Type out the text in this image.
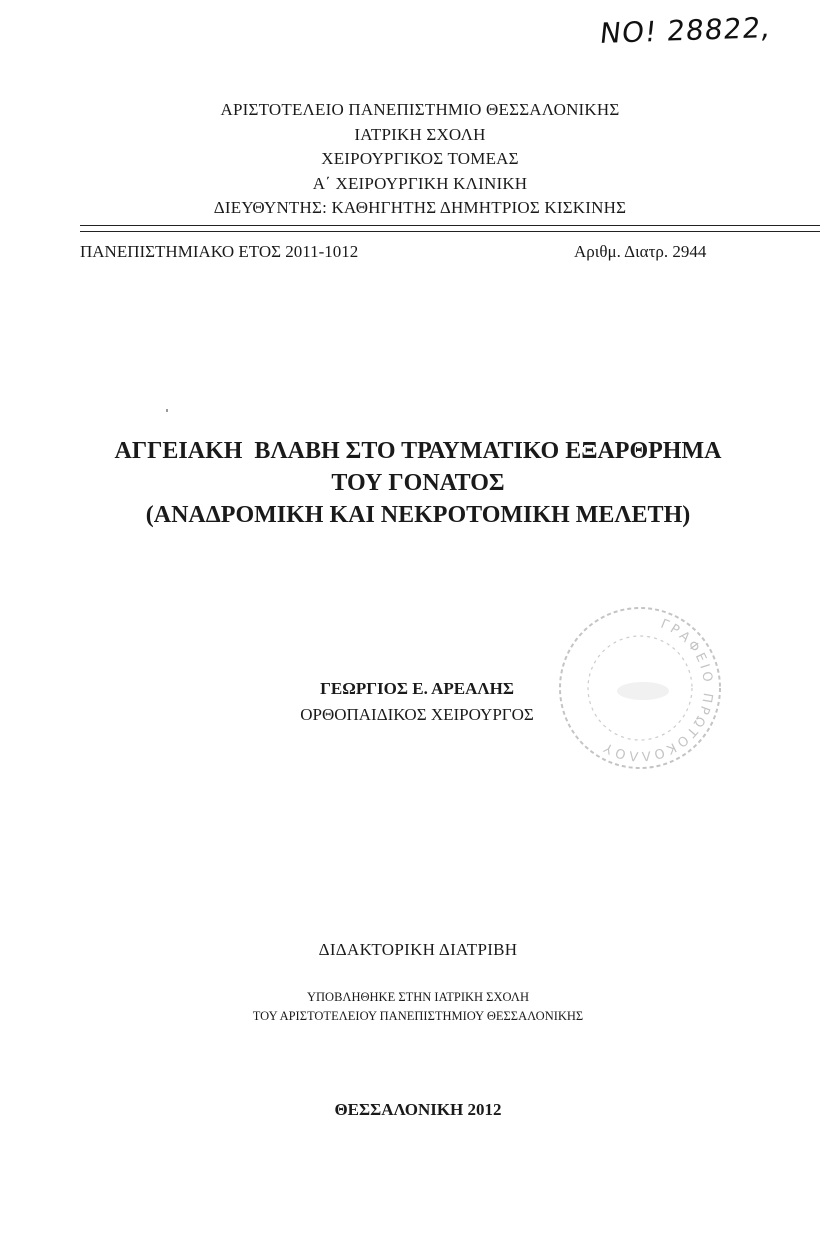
NO! 28822,
ΑΡΙΣΤΟΤΕΛΕΙΟ ΠΑΝΕΠΙΣΤΗΜΙΟ ΘΕΣΣΑΛΟΝΙΚΗΣ
ΙΑΤΡΙΚΗ ΣΧΟΛΗ
ΧΕΙΡΟΥΡΓΙΚΟΣ ΤΟΜΕΑΣ
Α΄ ΧΕΙΡΟΥΡΓΙΚΗ ΚΛΙΝΙΚΗ
ΔΙΕΥΘΥΝΤΗΣ: ΚΑΘΗΓΗΤΗΣ ΔΗΜΗΤΡΙΟΣ ΚΙΣΚΙΝΗΣ
ΠΑΝΕΠΙΣΤΗΜΙΑΚΟ ΕΤΟΣ 2011-1012	Αριθμ. Διατρ. 2944
ΑΓΓΕΙΑΚΗ  ΒΛΑΒΗ ΣΤΟ ΤΡΑΥΜΑΤΙΚΟ ΕΞΑΡΘΡΗΜΑ
ΤΟΥ ΓΟΝΑΤΟΣ
(ΑΝΑΔΡΟΜΙΚΗ ΚΑΙ ΝΕΚΡΟΤΟΜΙΚΗ ΜΕΛΕΤΗ)
ΓΡΑΦΕΙΟ ΠΡΩΤΟΚΟΛΛΟΥ
ΓΕΩΡΓΙΟΣ Ε. ΑΡΕΑΛΗΣ
ΟΡΘΟΠΑΙΔΙΚΟΣ ΧΕΙΡΟΥΡΓΟΣ
ΔΙΔΑΚΤΟΡΙΚΗ ΔΙΑΤΡΙΒΗ
ΥΠΟΒΛΗΘΗΚΕ ΣΤΗΝ ΙΑΤΡΙΚΗ ΣΧΟΛΗ
ΤΟΥ ΑΡΙΣΤΟΤΕΛΕΙΟΥ ΠΑΝΕΠΙΣΤΗΜΙΟΥ ΘΕΣΣΑΛΟΝΙΚΗΣ
ΘΕΣΣΑΛΟΝΙΚΗ 2012
